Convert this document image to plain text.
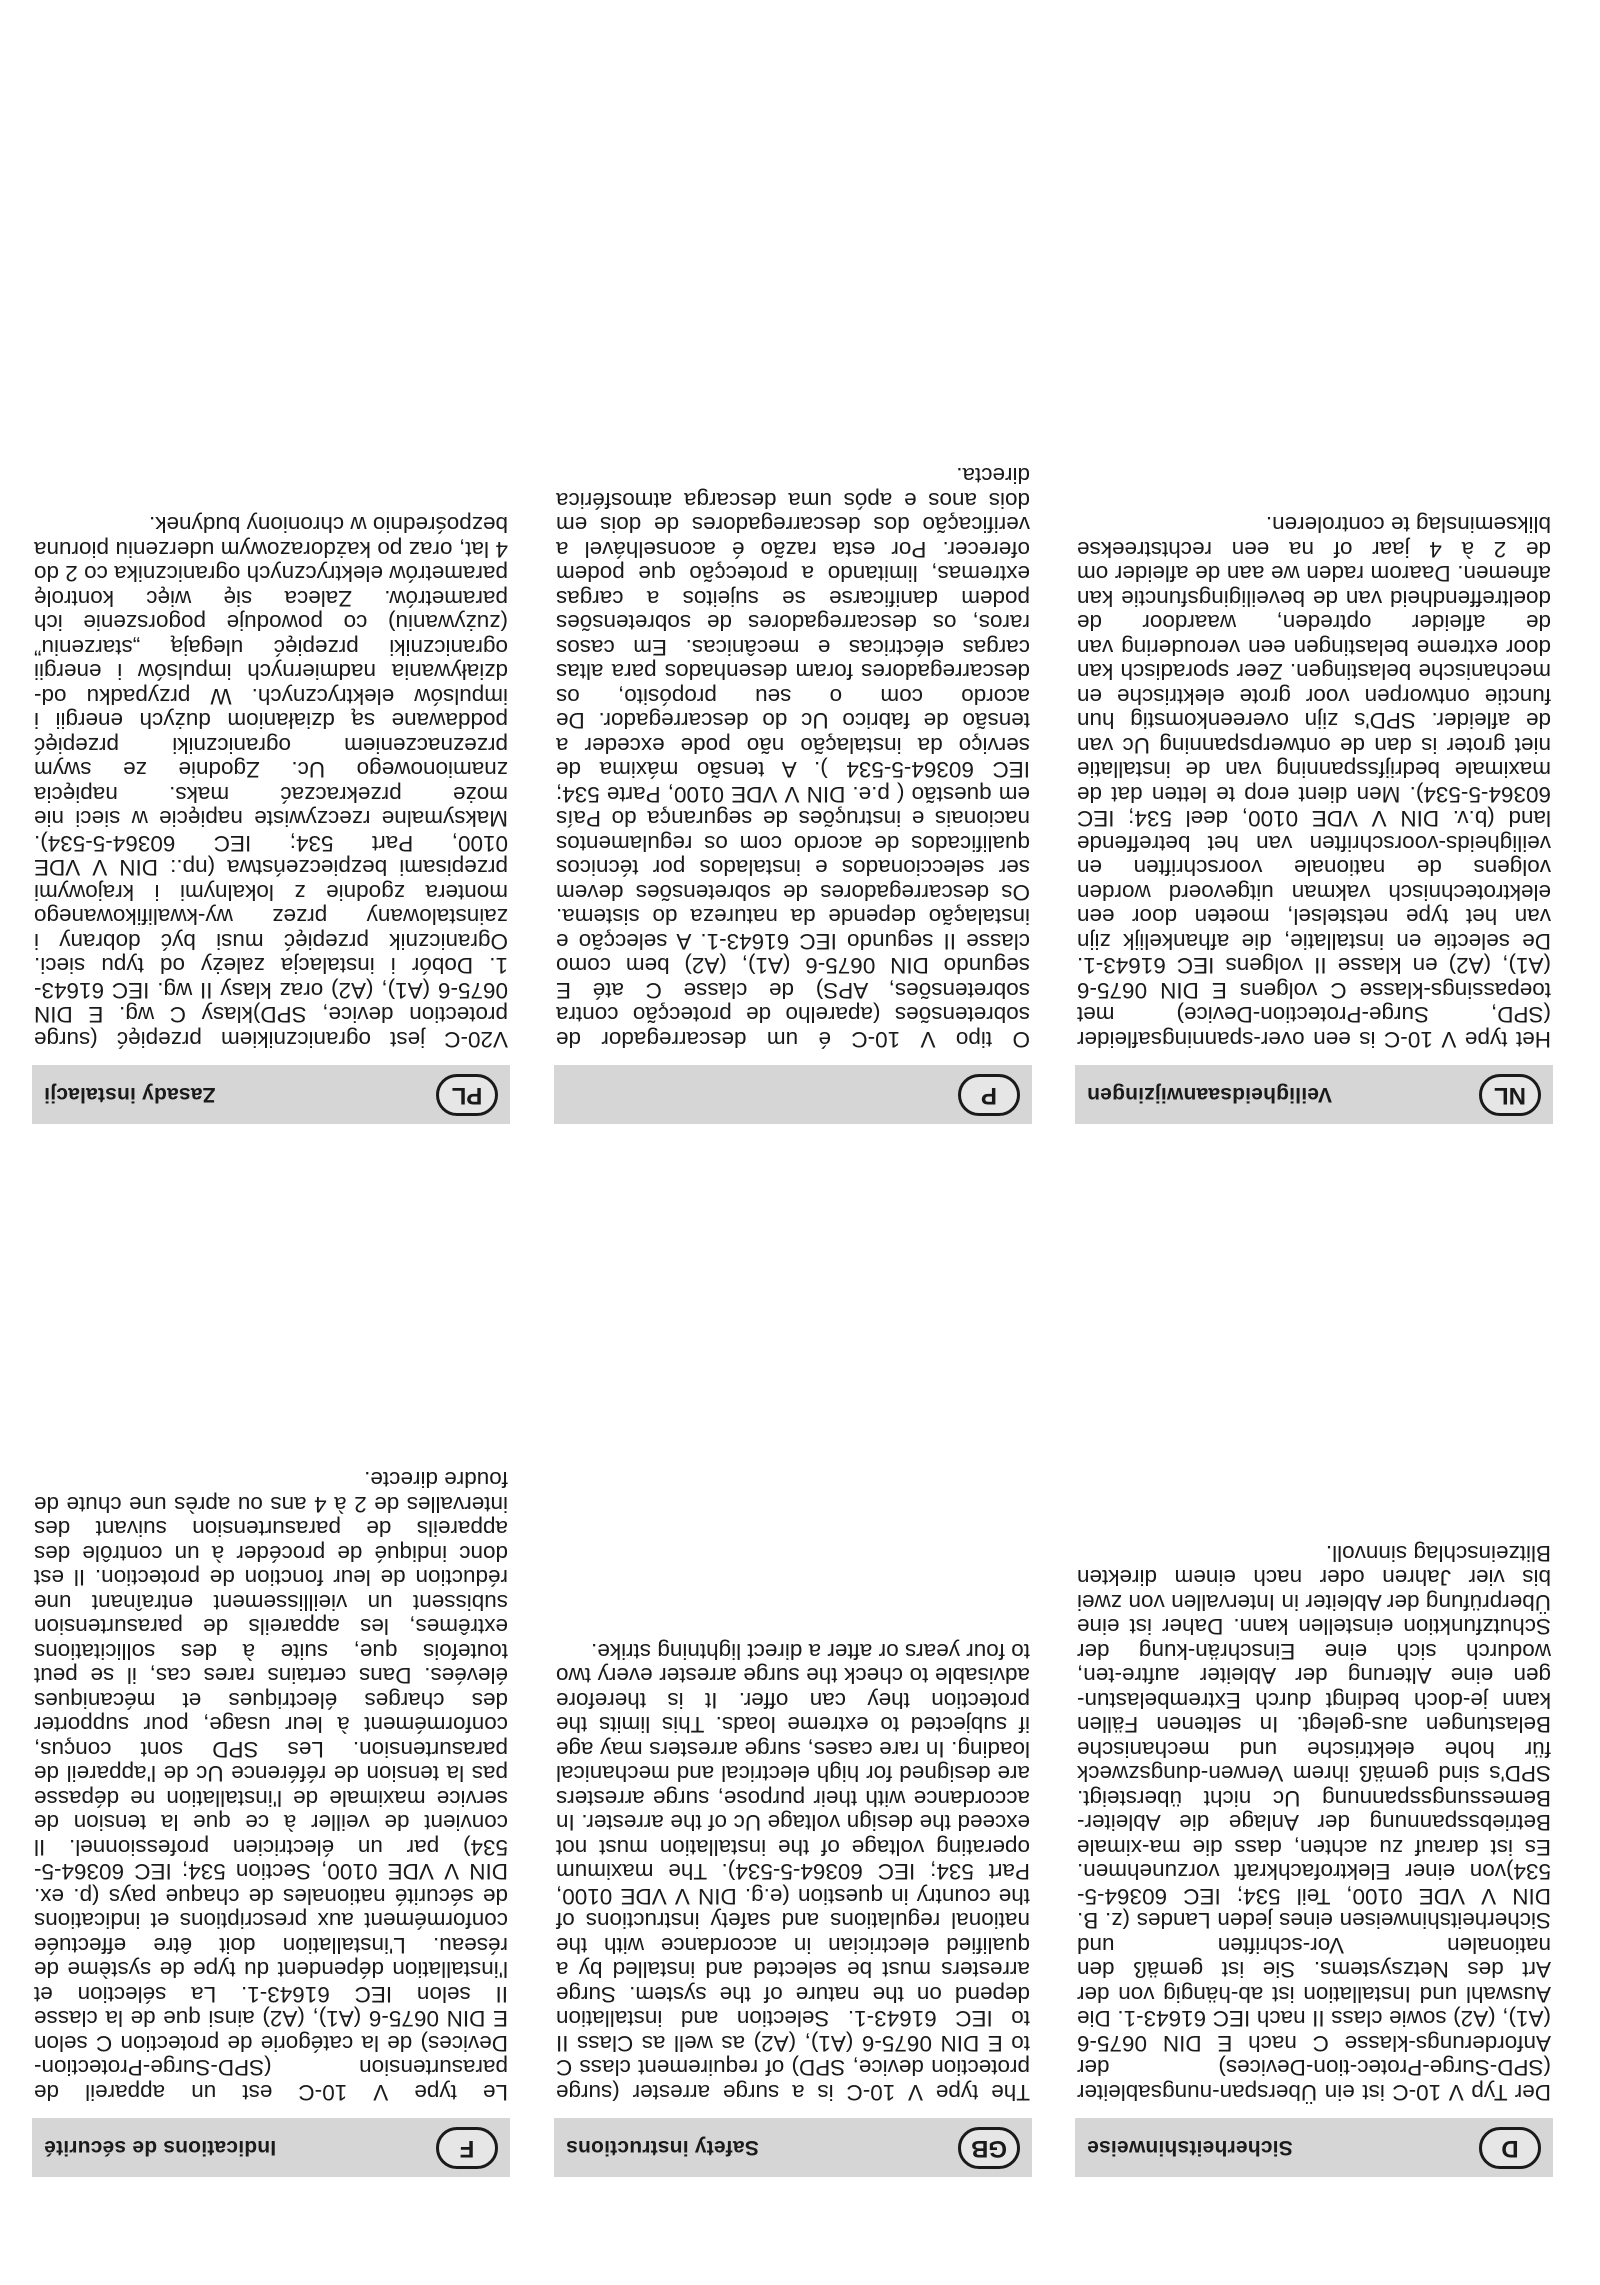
D
Sicherheitshinweise
Der Typ V 10-C ist ein Überspan-nungsableiter (SPD-Surge-Protec-tion-Devices) der Anforderungs-klasse C nach E DIN 0675-6 (A1), (A2) sowie class II nach IEC 61643-1. Die Auswahl und Installation ist ab-hängig von der Art des Netzsystems. Sie ist gemäß den nationalen Vor-schriften und Sicherheitshinweisen eines jeden Landes (z. B. DIN V VDE 0100, Teil 534; IEC 60364-5-534)von einer Elektrofachkraft vorzunehmen. Es ist darauf zu achten, dass die ma-ximale Betriebsspannung der Anlage die Ableiter-Bemessungsspannung Uc nicht übersteigt. SPD's sind gemäß ihrem Verwen-dungszweck für hohe elektrische und mechanische Belastungen aus-gelegt. In seltenen Fällen kann je-doch bedingt durch Extrembelastun-gen eine Alterung der Ableiter auftre-ten, wodurch sich eine Einschrän-kung der Schutzfunktion einstellen kann. Daher ist eine Überprüfung der Ableiter in Intervallen von zwei bis vier Jahren oder nach einem direkten Blitzeinschlag sinnvoll.
GB
Safety instructions
The type V 10-C is a surge arrester (surge protection device, SPD) of requirement class C to E DIN 0675-6 (A1), (A2) as well as Class II to IEC 61643-1. Selection and installation depend on the nature of the system. Surge arresters must be selected and installed by a qualified electrician in accordance with the national regulations and safety instructions of the country in question (e.g. DIN V VDE 0100, Part 534; IEC 60364-5-534). The maximum operating voltage of the installation must not exceed the design voltage Uc of the arrester. In accordance with their purpose, surge arresters are designed for high electrical and mechanical loading. In rare cases, surge arresters may age if subjected to extreme loads. This limits the protection they can offer. It is therefore advisable to check the surge arrester every two to four years or after a direct lightning strike.
F
Indications de sécurité
Le type V 10-C est un appareil de parasurtension (SPD-Surge-Protection-Devices) de la catégorie de protection C selon E DIN 0675-6 (A1), (A2) ainsi que de la classe II selon IEC 61643-1. La sélection et l'installation dépendent du type de système de réseau. L'installation doit être effectuée conformément aux prescriptions et indications de sécurité nationales de chaque pays (p. ex. DIN V VDE 0100, Section 534; IEC 60364-5-534) par un électricien professionnel. Il convient de veiller à ce que la tension de service maximale de l'installation ne dépasse pas la tension de référence Uc de l'appareil de parasurtension. Les SPD sont conçus, conformément à leur usage, pour supporter des charges électriques et mécaniques élevées. Dans certains rares cas, il se peut toutefois que, suite à des sollicitations extrêmes, les appareils de parasurtension subissent un vieillissement entraînant une réduction de leur fonction de protection. Il est donc indiqué de procéder à un contrôle des appareils de parasurtension suivant des intervalles de 2 à 4 ans ou après une chute de foudre directe.
NL
Veiligheidsaanwijzingen
Het type V 10-C is een over-spanningsafleider (SPD, Surge-Protection-Device) met toepassings-klasse C volgens E DIN 0675-6 (A1), (A2) en klasse II volgens IEC 61643-1. De selectie en installatie, die afhankelijk zijn van het type netstelsel, moeten door een elektrotechnisch vakman uitgevoerd worden volgens de nationale voorschriften en veiligheids-voorschriften van het betreffende land (b.v. DIN V VDE 0100, deel 534; IEC 60364-5-534). Men dient erop te letten dat de maximale bedrijfsspanning van de installatie niet groter is dan de ontwerpspanning Uc van de afleider. SPD's zijn overeenkomstig hun functie ontworpen voor grote elektrische en mechanische belastingen. Zeer sporadisch kan door extreme belastingen een veroudering van de afleider optreden, waardoor de doeltreffendheid van de beveiligingsfunctie kan afnemen. Daarom raden we aan de afleider om de 2 à 4 jaar of na een rechtstreekse blikseminslag te controleren.
P
O tipo V 10-C é um descarregador de sobretensões (aparelho de protecção contra sobretensões, APS) de classe C até E segundo DIN 0675-6 (A1), (A2) bem como classe II segundo IEC 61643-1. A selecção e instalação depende da natureza do sistema. Os descarregadores de sobretensões devem ser seleccionados e instalados por técnicos qualificados de acordo com os regulamentos nacionais e instruções de segurança do País em questão ( p.e. DIN V VDE 0100, Parte 534; IEC 60364-5-534 ). A tensão máxima de serviço da instalação não pode exceder a tensão de fabrico Uc do descarregador. De acordo com o seu propósito, os descarregadores foram desenhados para altas cargas eléctricas e mecânicas. Em casos raros, os descarregadores de sobretensões podem danificarse se sujeitos a cargas extremas, limitando a protecção que podem oferecer. Por esta razão é aconselhável a verificação dos descarregadores de dois em dois anos e após uma descarga atmosférica directa.
PL
Zasady instalacji
V20-C jest ogranicznikiem przepięć (surge protection device, SPD)klasy C wg. E DIN 0675-6 (A1), (A2) oraz klasy II wg. IEC 61643-1. Dobór i instalacja zależy od typu sieci. Ogranicznik przepięć musi być dobrany i zainstalowany przez wy-kwalifikowanego montera zgodnie z lokalnymi i krajowymi przepisami bezpieczeństwa (np.: DIN V VDE 0100, Part 534; IEC 60364-5-534). Maksymalne rzeczywiste napięcie w sieci nie może przekraczać maks. napięcia znamionowego Uc. Zgodnie ze swym przeznaczeniem ograniczniki przepięć poddawane są działaniom dużych energii i impulsów elektrycznych. W przypadku od-działywania nadmiernych impulsów i energii ograniczniki przepięć ulegają „starzeniu” (zużywaniu) co powoduje pogorszenie ich parametrów. Zaleca się więc kontrolę parametrów elektrycznych ogranicznika co 2 do 4 lat, oraz po każdorazowym uderzeniu pioruna bezpośrednio w chroniony budynek.
